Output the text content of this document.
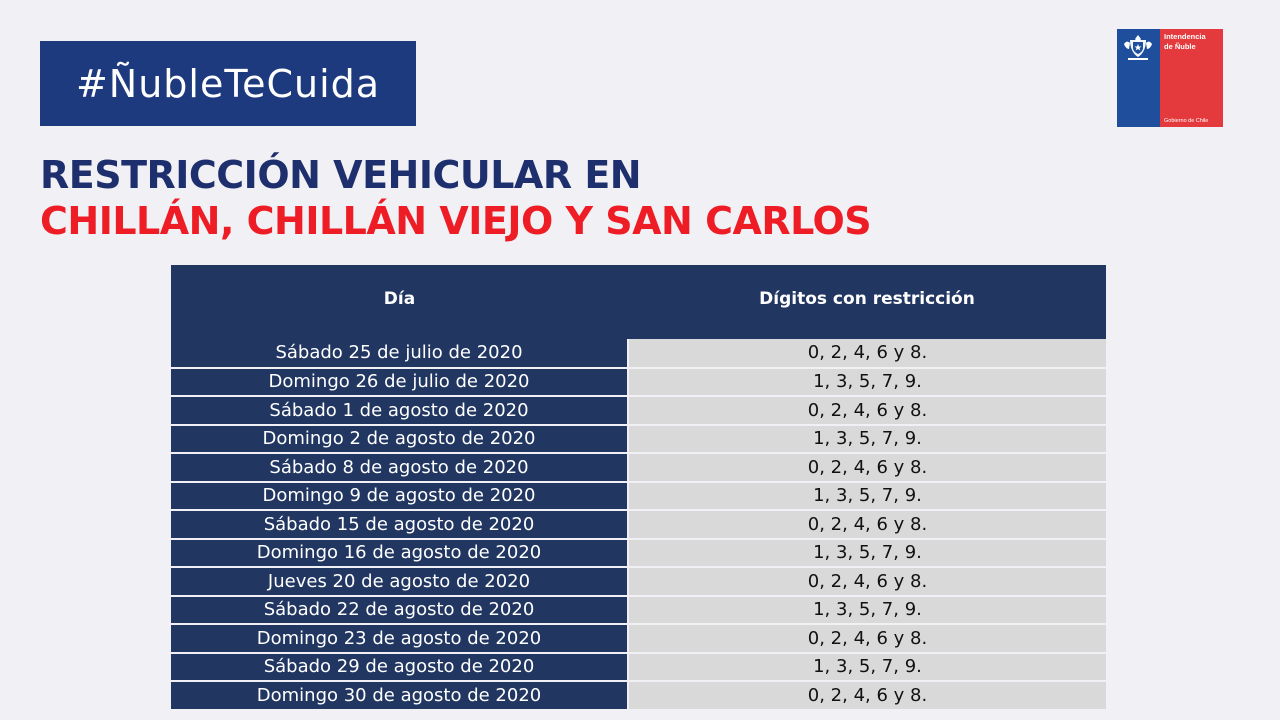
#ÑubleTeCuida
Intendencia
de Ñuble
Gobierno de Chile
RESTRICCIÓN VEHICULAR EN
CHILLÁN, CHILLÁN VIEJO Y SAN CARLOS
Día	Dígitos con restricción
Sábado 25 de julio de 2020	0, 2, 4, 6 y 8.
Domingo 26 de julio de 2020	1, 3, 5, 7, 9.
Sábado 1 de agosto de 2020	0, 2, 4, 6 y 8.
Domingo 2 de agosto de 2020	1, 3, 5, 7, 9.
Sábado 8 de agosto de 2020	0, 2, 4, 6 y 8.
Domingo 9 de agosto de 2020	1, 3, 5, 7, 9.
Sábado 15 de agosto de 2020	0, 2, 4, 6 y 8.
Domingo 16 de agosto de 2020	1, 3, 5, 7, 9.
Jueves 20 de agosto de 2020	0, 2, 4, 6 y 8.
Sábado 22 de agosto de 2020	1, 3, 5, 7, 9.
Domingo 23 de agosto de 2020	0, 2, 4, 6 y 8.
Sábado 29 de agosto de 2020	1, 3, 5, 7, 9.
Domingo 30 de agosto de 2020	0, 2, 4, 6 y 8.
